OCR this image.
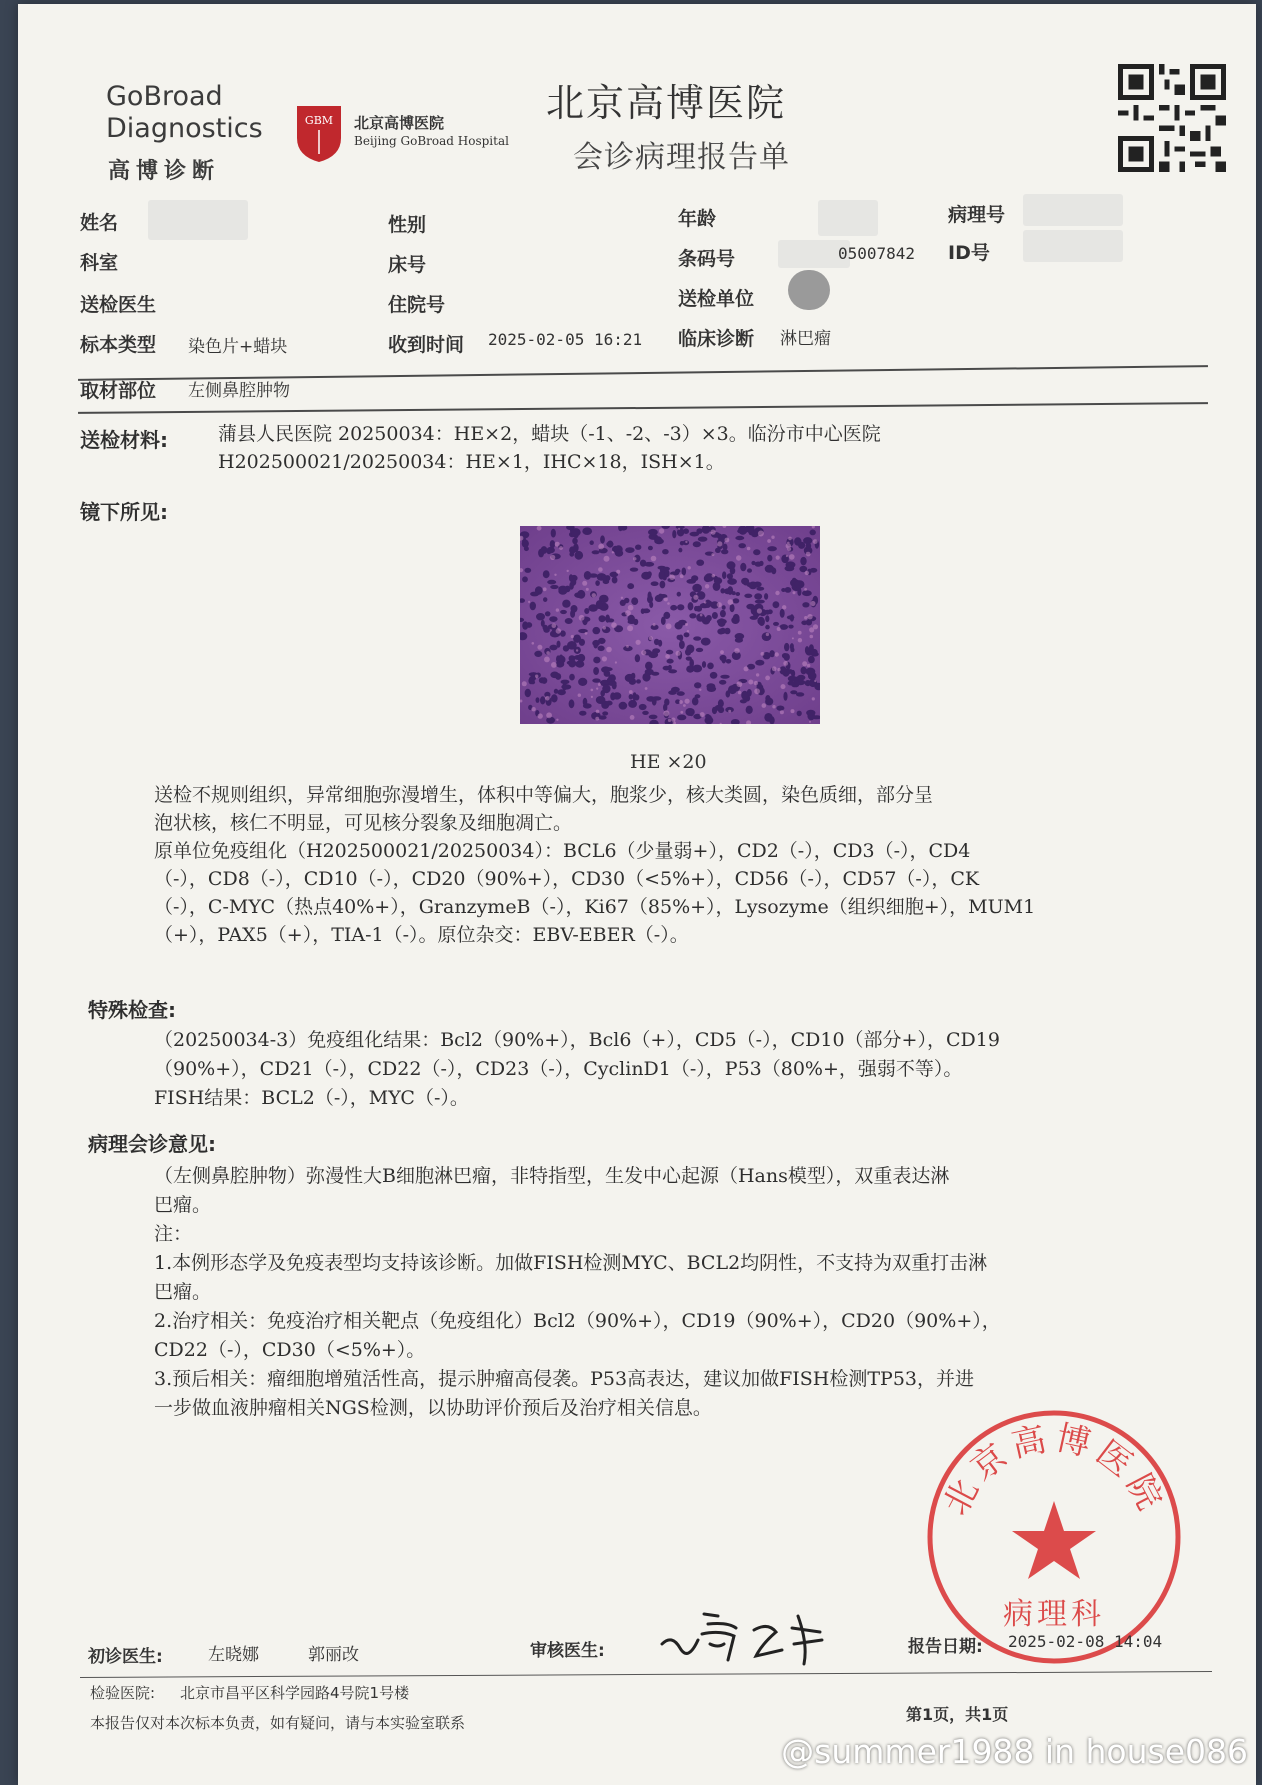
GoBroad
Diagnostics
高博诊断
GBM 北京高博医院
Beijing GoBroad Hospital
北京高博医院
会诊病理报告单
姓名	性别	年龄	病理号
科室	床号	条码号	05007842 ID号
送检医生	住院号	送检单位
标本类型 染色片+蜡块	收到时间 2025-02-05 16:21 临床诊断 淋巴瘤
取材部位 左侧鼻腔肿物
送检材料:	蒲县人民医院 20250034：HE×2，蜡块（-1、-2、-3）×3。临汾市中心医院
H202500021/20250034：HE×1，IHC×18，ISH×1。
镜下所见:
HE ×20
送检不规则组织，异常细胞弥漫增生，体积中等偏大，胞浆少，核大类圆，染色质细，部分呈
泡状核，核仁不明显，可见核分裂象及细胞凋亡。
原单位免疫组化（H202500021/20250034）：BCL6（少量弱+），CD2（-），CD3（-），CD4
（-），CD8（-），CD10（-），CD20（90%+），CD30（<5%+），CD56（-），CD57（-），CK
（-），C-MYC（热点40%+），GranzymeB（-），Ki67（85%+），Lysozyme（组织细胞+），MUM1
（+），PAX5（+），TIA-1（-）。原位杂交：EBV-EBER（-）。
特殊检查:
（20250034-3）免疫组化结果：Bcl2（90%+），Bcl6（+），CD5（-），CD10（部分+），CD19
（90%+），CD21（-），CD22（-），CD23（-），CyclinD1（-），P53（80%+，强弱不等）。
FISH结果：BCL2（-），MYC（-）。
病理会诊意见:
（左侧鼻腔肿物）弥漫性大B细胞淋巴瘤，非特指型，生发中心起源（Hans模型），双重表达淋
巴瘤。
注：
1.本例形态学及免疫表型均支持该诊断。加做FISH检测MYC、BCL2均阴性，不支持为双重打击淋
巴瘤。
2.治疗相关：免疫治疗相关靶点（免疫组化）Bcl2（90%+），CD19（90%+），CD20（90%+），
CD22（-），CD30（<5%+）。
3.预后相关：瘤细胞增殖活性高，提示肿瘤高侵袭。P53高表达，建议加做FISH检测TP53，并进
一步做血液肿瘤相关NGS检测，以协助评价预后及治疗相关信息。
北京高博医院
病理科
初诊医生:	左晓娜	郭丽改	审核医生:	报告日期: 2025-02-08 14:04
检验医院: 北京市昌平区科学园路4号院1号楼
本报告仅对本次标本负责，如有疑问，请与本实验室联系	第1页，共1页
@summer1988 in house086
